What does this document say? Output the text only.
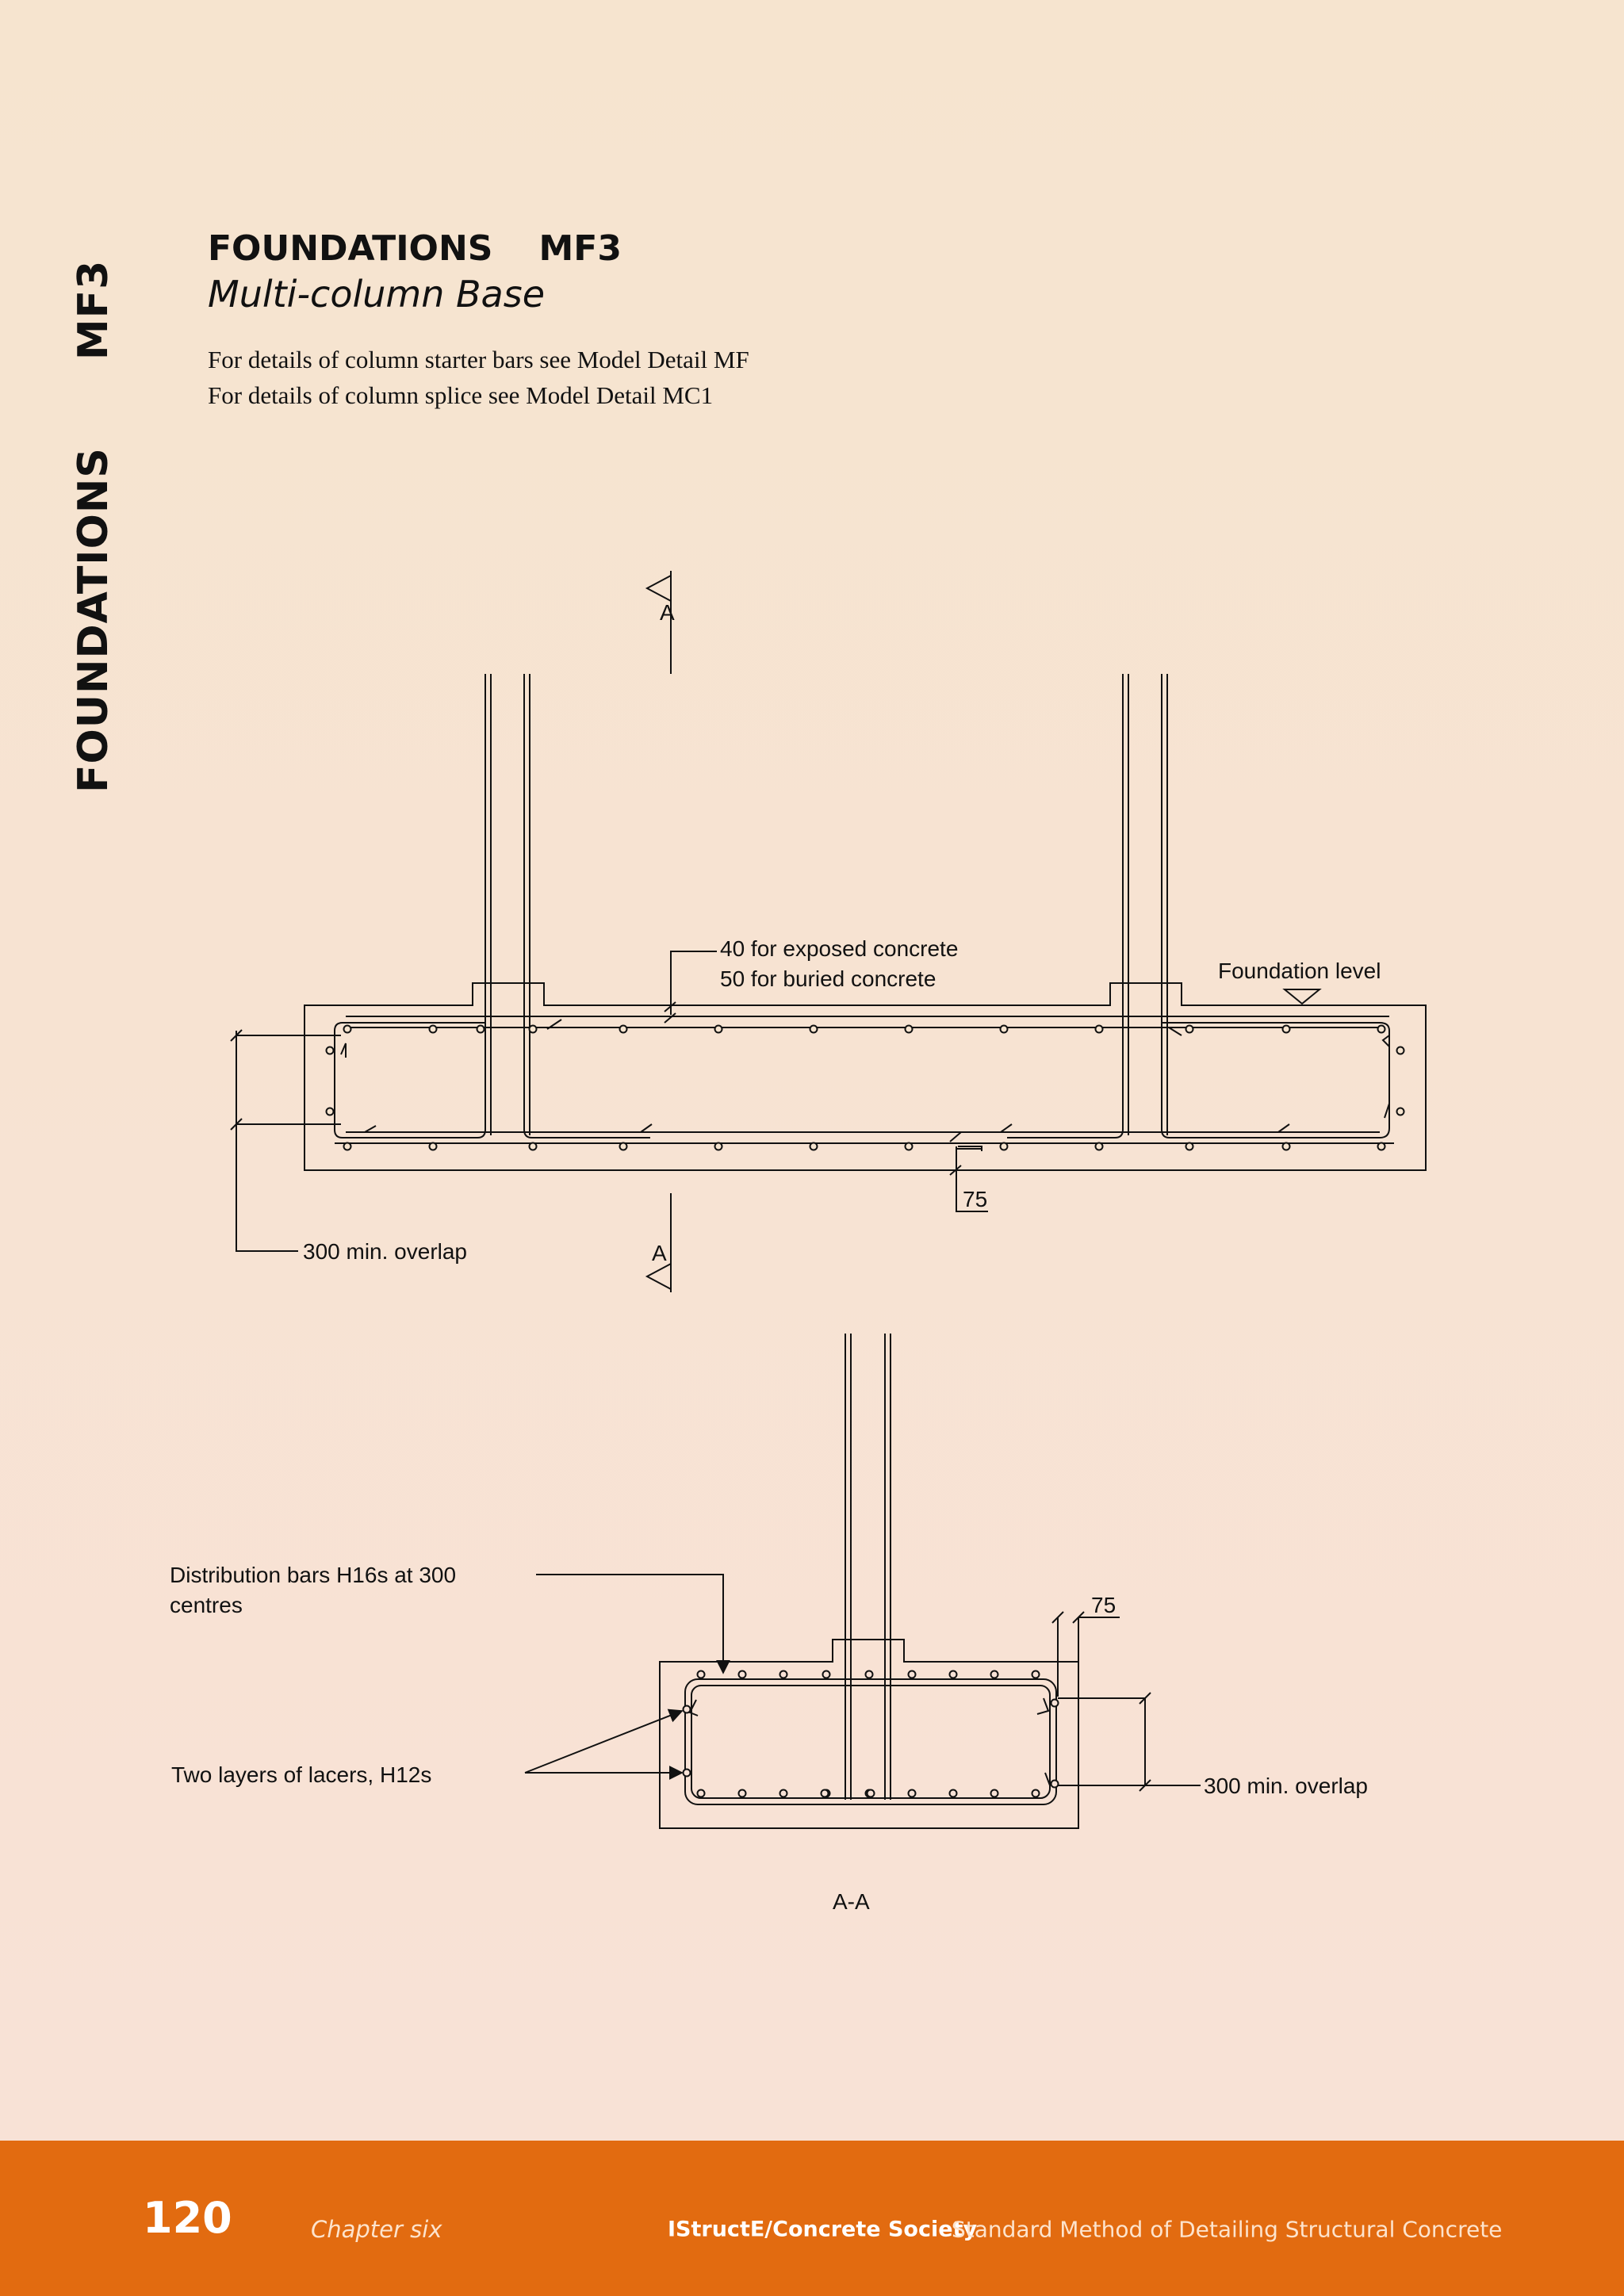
FOUNDATIONSMF3
FOUNDATIONS MF3
Multi-column Base
For details of column starter bars see Model Detail MF
For details of column splice see Model Detail MC1
A
A
40 for exposed concrete
50 for buried concrete	Foundation level
75
300 min. overlap
Distribution bars H16s at 300
centres
Two layers of lacers, H12s
75
300 min. overlap
A-A
120	Chapter six	IStructE/Concrete Society
Standard Method of Detailing Structural Concrete
